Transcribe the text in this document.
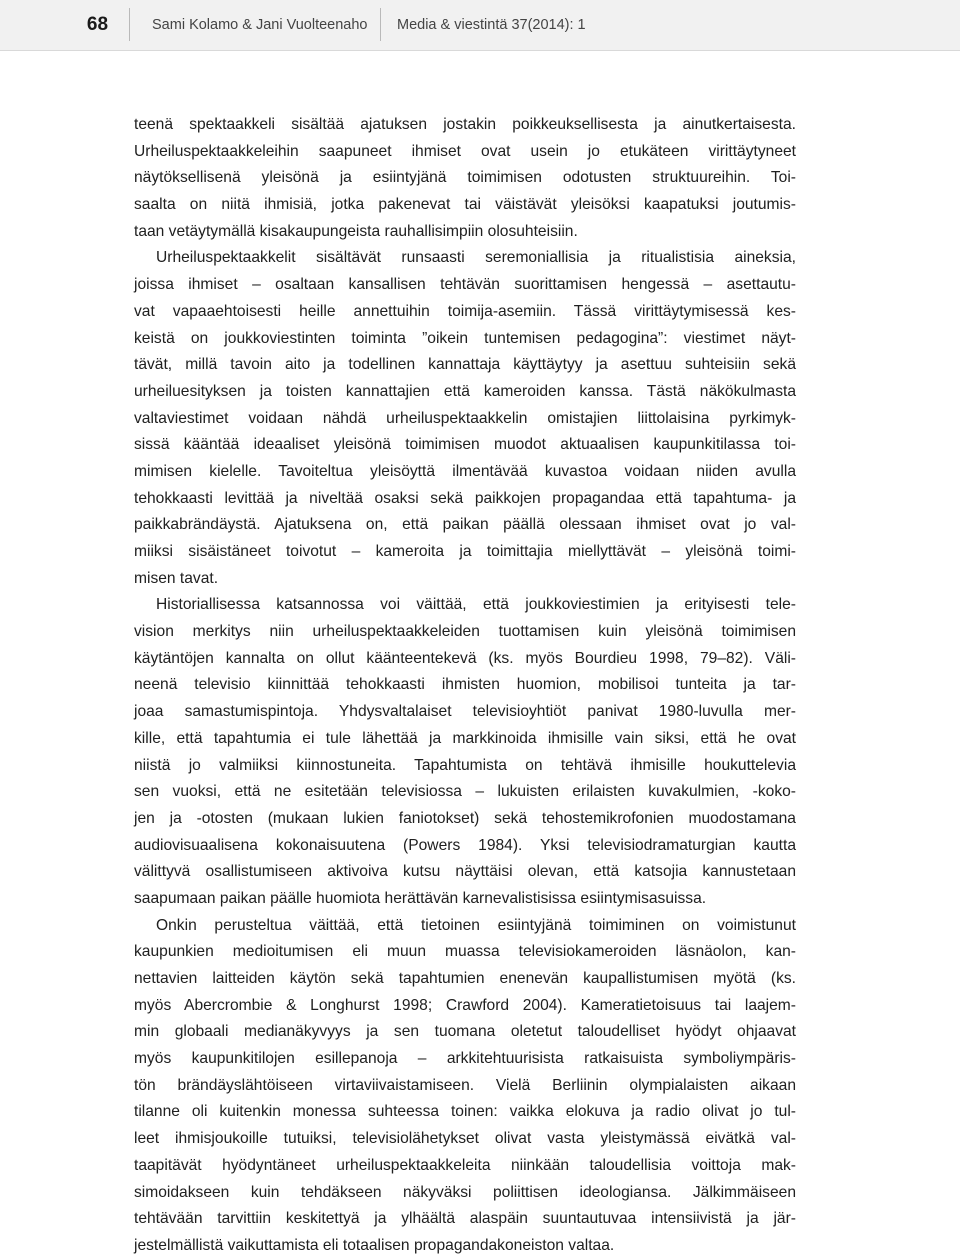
68	Sami Kolamo & Jani Vuolteenaho Media & viestintä 37(2014): 1
teenä spektaakkeli sisältää ajatuksen jostakin poikkeuksellisesta ja ainutkertaisesta.
Urheiluspektaakkeleihin saapuneet ihmiset ovat usein jo etukäteen virittäytyneet
näytöksellisenä yleisönä ja esiintyjänä toimimisen odotusten struktuureihin. Toi-
saalta on niitä ihmisiä, jotka pakenevat tai väistävät yleisöksi kaapatuksi joutumis-
taan vetäytymällä kisakaupungeista rauhallisimpiin olosuhteisiin.
Urheiluspektaakkelit sisältävät runsaasti seremoniallisia ja ritualistisia aineksia,
joissa ihmiset – osaltaan kansallisen tehtävän suorittamisen hengessä – asettautu-
vat vapaaehtoisesti heille annettuihin toimija-asemiin. Tässä virittäytymisessä kes-
keistä on joukkoviestinten toiminta ”oikein tuntemisen pedagogina”: viestimet näyt-
tävät, millä tavoin aito ja todellinen kannattaja käyttäytyy ja asettuu suhteisiin sekä
urheiluesityksen ja toisten kannattajien että kameroiden kanssa. Tästä näkökulmasta
valtaviestimet voidaan nähdä urheiluspektaakkelin omistajien liittolaisina pyrkimyk-
sissä kääntää ideaaliset yleisönä toimimisen muodot aktuaalisen kaupunkitilassa toi-
mimisen kielelle. Tavoiteltua yleisöyttä ilmentävää kuvastoa voidaan niiden avulla
tehokkaasti levittää ja niveltää osaksi sekä paikkojen propagandaa että tapahtuma- ja
paikkabrändäystä. Ajatuksena on, että paikan päällä olessaan ihmiset ovat jo val-
miiksi sisäistäneet toivotut – kameroita ja toimittajia miellyttävät – yleisönä toimi-
misen tavat.
Historiallisessa katsannossa voi väittää, että joukkoviestimien ja erityisesti tele-
vision merkitys niin urheiluspektaakkeleiden tuottamisen kuin yleisönä toimimisen
käytäntöjen kannalta on ollut käänteentekevä (ks. myös Bourdieu 1998, 79–82). Väli-
neenä televisio kiinnittää tehokkaasti ihmisten huomion, mobilisoi tunteita ja tar-
joaa samastumispintoja. Yhdysvaltalaiset televisioyhtiöt panivat 1980-luvulla mer-
kille, että tapahtumia ei tule lähettää ja markkinoida ihmisille vain siksi, että he ovat
niistä jo valmiiksi kiinnostuneita. Tapahtumista on tehtävä ihmisille houkuttelevia
sen vuoksi, että ne esitetään televisiossa – lukuisten erilaisten kuvakulmien, -koko-
jen ja -otosten (mukaan lukien faniotokset) sekä tehostemikrofonien muodostamana
audiovisuaalisena kokonaisuutena (Powers 1984). Yksi televisiodramaturgian kautta
välittyvä osallistumiseen aktivoiva kutsu näyttäisi olevan, että katsojia kannustetaan
saapumaan paikan päälle huomiota herättävän karnevalistisissa esiintymisasuissa.
Onkin perusteltua väittää, että tietoinen esiintyjänä toimiminen on voimistunut
kaupunkien medioitumisen eli muun muassa televisiokameroiden läsnäolon, kan-
nettavien laitteiden käytön sekä tapahtumien enenevän kaupallistumisen myötä (ks.
myös Abercrombie & Longhurst 1998; Crawford 2004). Kameratietoisuus tai laajem-
min globaali medianäkyvyys ja sen tuomana oletetut taloudelliset hyödyt ohjaavat
myös kaupunkitilojen esillepanoja – arkkitehtuurisista ratkaisuista symboliympäris-
tön brändäyslähtöiseen virtaviivaistamiseen. Vielä Berliinin olympialaisten aikaan
tilanne oli kuitenkin monessa suhteessa toinen: vaikka elokuva ja radio olivat jo tul-
leet ihmisjoukoille tutuiksi, televisiolähetykset olivat vasta yleistymässä eivätkä val-
taapitävät hyödyntäneet urheiluspektaakkeleita niinkään taloudellisia voittoja mak-
simoidakseen kuin tehdäkseen näkyväksi poliittisen ideologiansa. Jälkimmäiseen
tehtävään tarvittiin keskitettyä ja ylhäältä alaspäin suuntautuvaa intensiivistä ja jär-
jestelmällistä vaikuttamista eli totaalisen propagandakoneiston valtaa.
